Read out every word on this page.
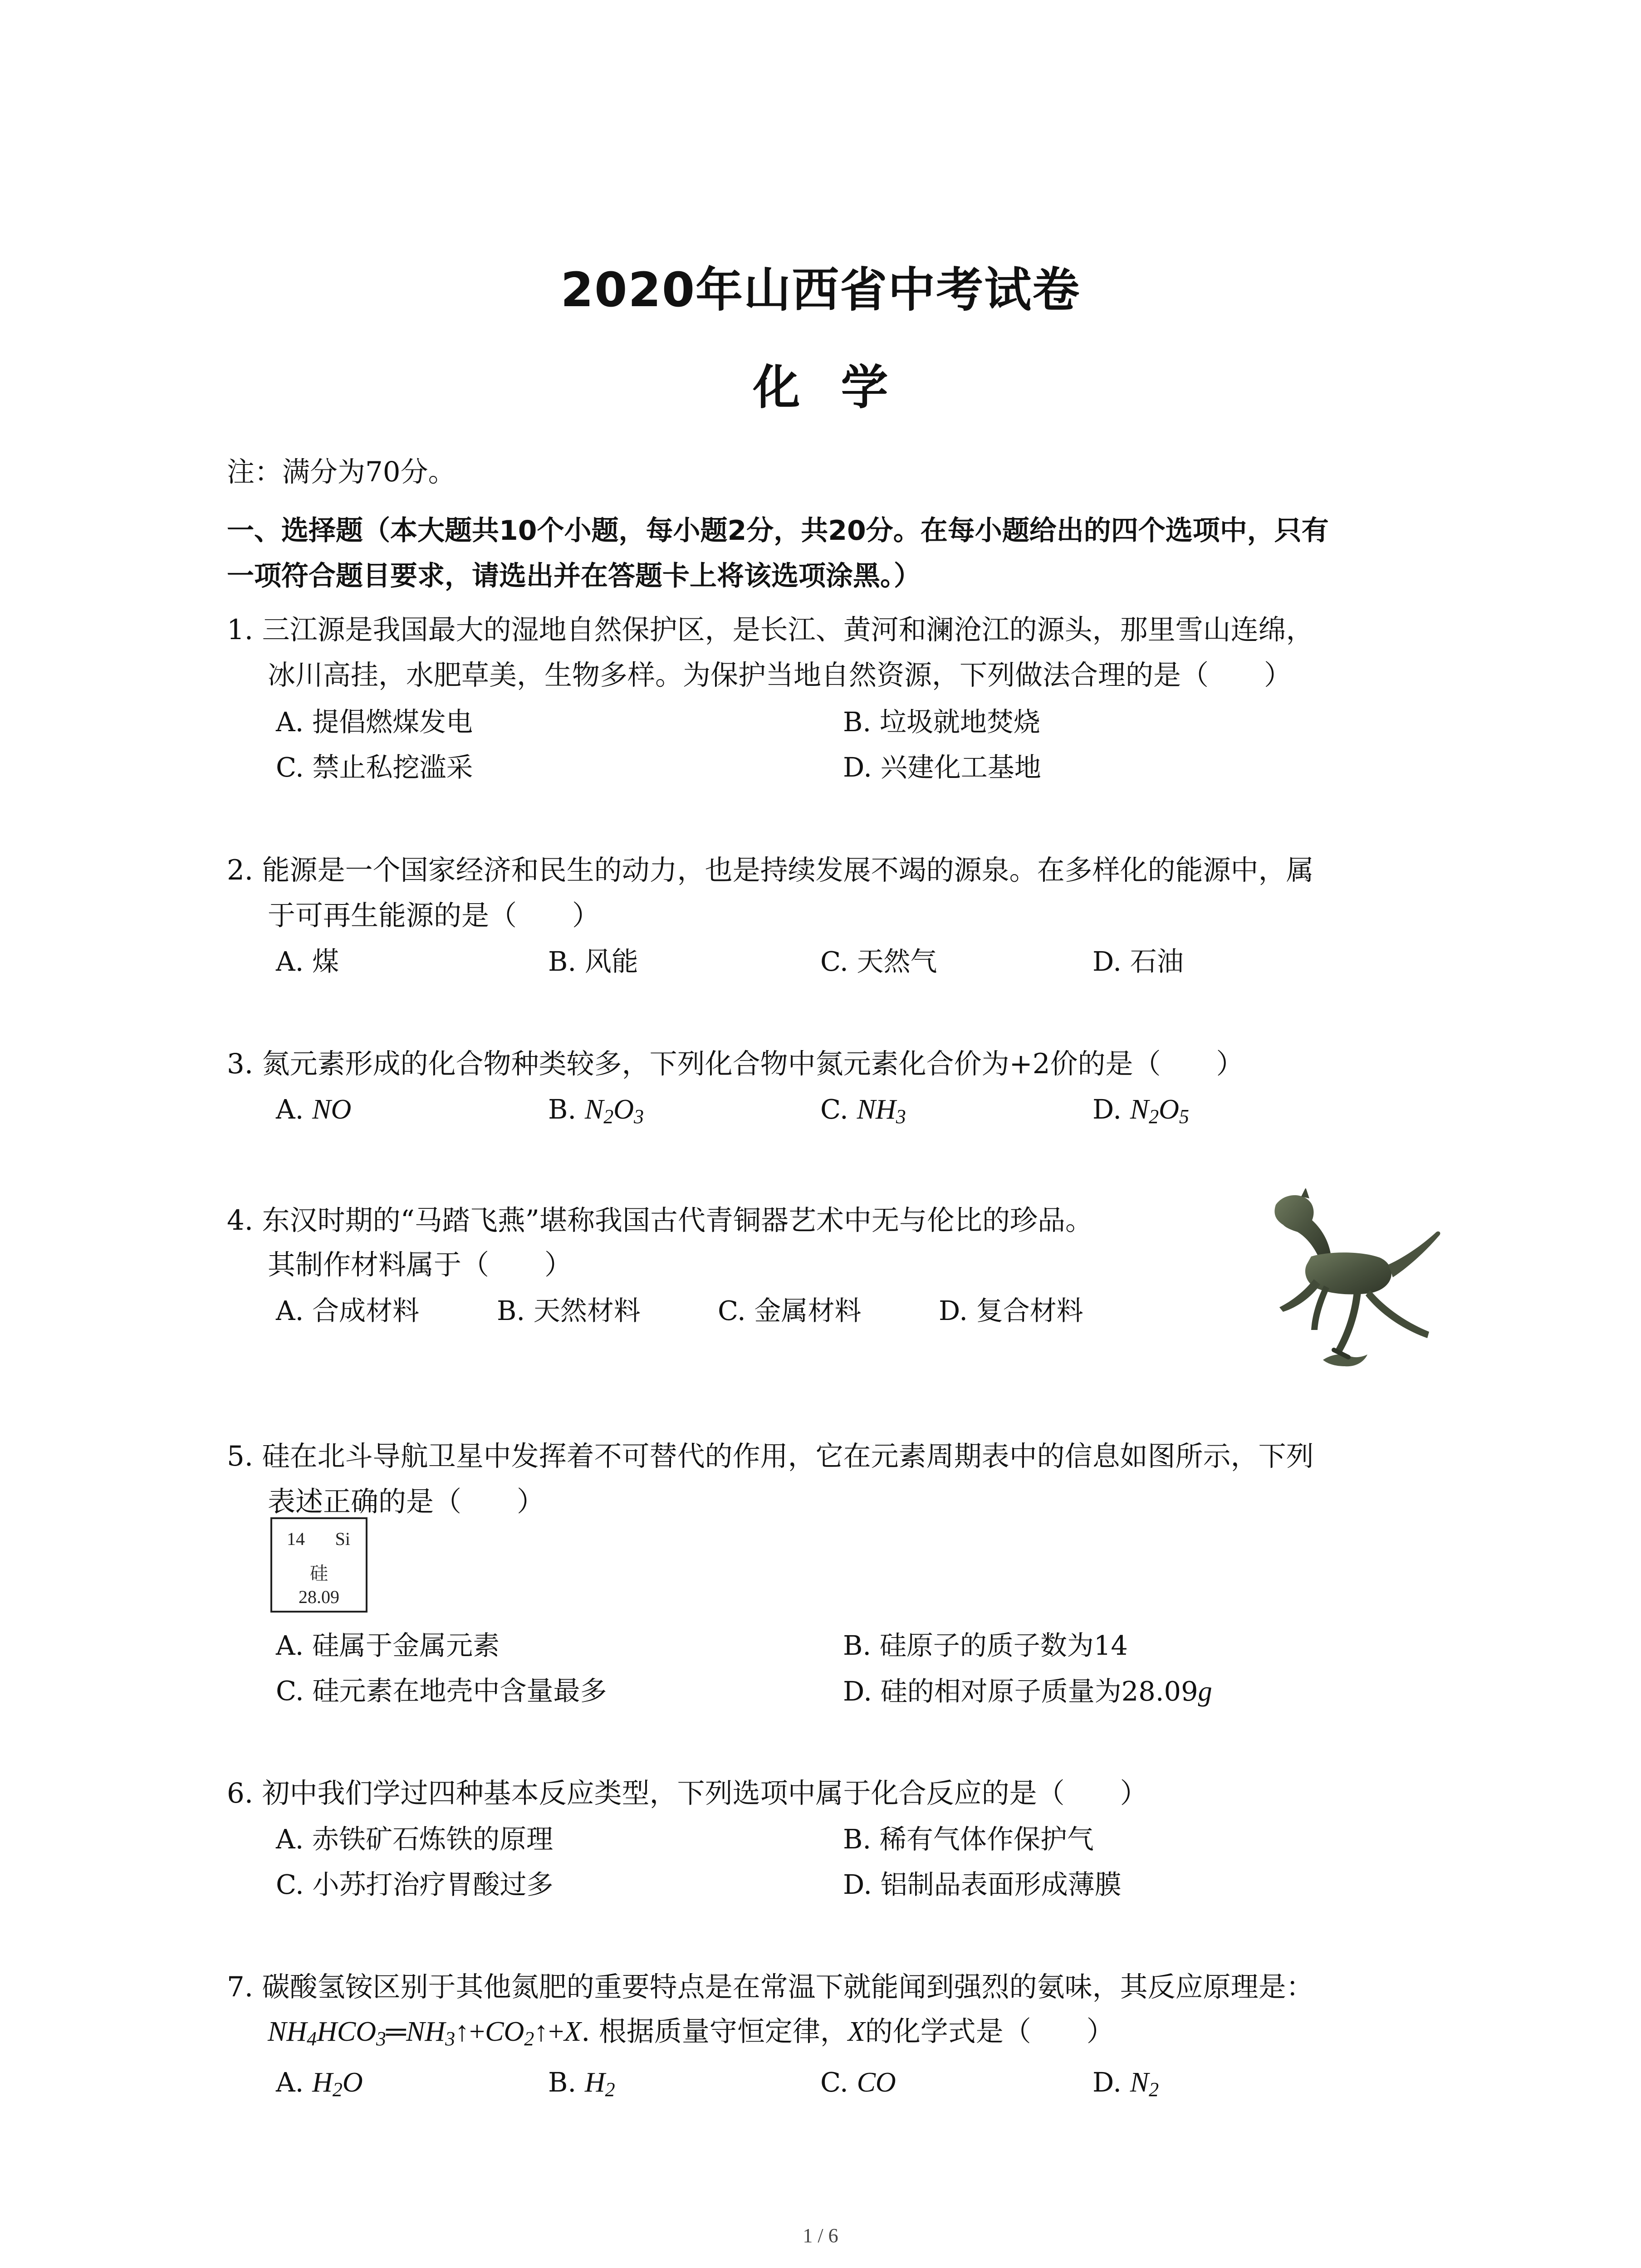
2020年山西省中考试卷
化学
注：满分为70分。
一、选择题（本大题共10个小题，每小题2分，共20分。在每小题给出的四个选项中，只有
一项符合题目要求，请选出并在答题卡上将该选项涂黑。）
1. 三江源是我国最大的湿地自然保护区，是长江、黄河和澜沧江的源头，那里雪山连绵，
冰川高挂，水肥草美，生物多样。为保护当地自然资源，下列做法合理的是（　　）
A. 提倡燃煤发电	B. 垃圾就地焚烧
C. 禁止私挖滥采	D. 兴建化工基地
2. 能源是一个国家经济和民生的动力，也是持续发展不竭的源泉。在多样化的能源中，属
于可再生能源的是（　　）
A. 煤	B. 风能	C. 天然气	D. 石油
3. 氮元素形成的化合物种类较多，下列化合物中氮元素化合价为+2价的是（　　）
A. NO	B. $N_2O_3$	C. $NH_3$	D. $N_2O_5$
4. 东汉时期的“马踏飞燕”堪称我国古代青铜器艺术中无与伦比的珍品。
其制作材料属于（　　）
A. 合成材料	B. 天然材料	C. 金属材料	D. 复合材料
5. 硅在北斗导航卫星中发挥着不可替代的作用，它在元素周期表中的信息如图所示，下列
表述正确的是（　　）
14 Si
硅
28.09
A. 硅属于金属元素	B. 硅原子的质子数为14
C. 硅元素在地壳中含量最多	D. 硅的相对原子质量为28.09g
6. 初中我们学过四种基本反应类型，下列选项中属于化合反应的是（　　）
A. 赤铁矿石炼铁的原理	B. 稀有气体作保护气
C. 小苏打治疗胃酸过多	D. 铝制品表面形成薄膜
7. 碳酸氢铵区别于其他氮肥的重要特点是在常温下就能闻到强烈的氨味，其反应原理是：
$NH_4HCO_3═NH_3↑+CO_2↑+X$. 根据质量守恒定律，X的化学式是（　　）
A. $H_2O$	B. $H_2$	C. CO	D. $N_2$
1 / 6
